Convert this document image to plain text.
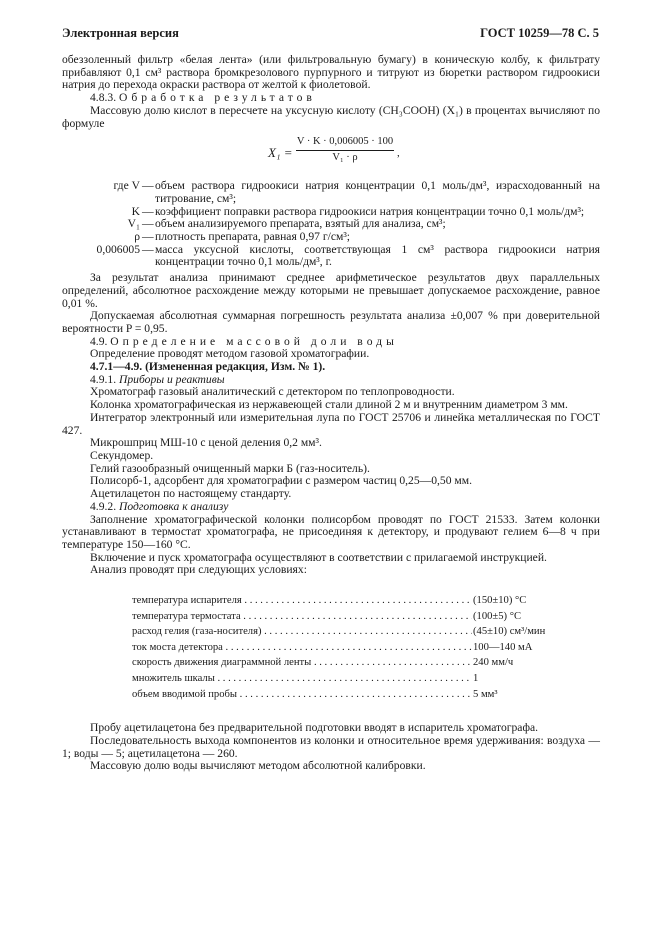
Электронная версия	ГОСТ 10259—78 С. 5

обеззоленный фильтр «белая лента» (или фильтровальную бумагу) в коническую колбу, к фильтрату прибавляют 0,1 см³ раствора бромкрезолового пурпурного и титруют из бюретки раствором гидроокиси натрия до перехода окраски раствора от желтой к фиолетовой.

4.8.3. Обработка результатов

Массовую долю кислот в пересчете на уксусную кислоту (CH₃COOH) (X₁) в процентах вычисляют по формуле

$X_1 = \frac{V \cdot K \cdot 0,006005 \cdot 100}{\text{V₁ · ρ}}$ ,
где V — объем раствора гидроокиси натрия концентрации 0,1 моль/дм³, израсходованный на титрование, см³;
K — коэффициент поправки раствора гидроокиси натрия концентрации точно 0,1 моль/дм³;
V₁ — объем анализируемого препарата, взятый для анализа, см³;
ρ — плотность препарата, равная 0,97 г/см³;
0,006005 — масса уксусной кислоты, соответствующая 1 см³ раствора гидроокиси натрия концентрации точно 0,1 моль/дм³, г.

За результат анализа принимают среднее арифметическое результатов двух параллельных определений, абсолютное расхождение между которыми не превышает допускаемое расхождение, равное 0,01 %.

Допускаемая абсолютная суммарная погрешность результата анализа ±0,007 % при доверительной вероятности P = 0,95.

4.9. Определение массовой доли воды

Определение проводят методом газовой хроматографии.

4.7.1—4.9. (Измененная редакция, Изм. № 1).

4.9.1. Приборы и реактивы

Хроматограф газовый аналитический с детектором по теплопроводности.

Колонка хроматографическая из нержавеющей стали длиной 2 м и внутренним диаметром 3 мм.

Интегратор электронный или измерительная лупа по ГОСТ 25706 и линейка металлическая по ГОСТ 427.

Микрошприц МШ-10 с ценой деления 0,2 мм³.

Секундомер.

Гелий газообразный очищенный марки Б (газ-носитель).

Полисорб-1, адсорбент для хроматографии с размером частиц 0,25—0,50 мм.

Ацетилацетон по настоящему стандарту.

4.9.2. Подготовка к анализу

Заполнение хроматографической колонки полисорбом проводят по ГОСТ 21533. Затем колонки устанавливают в термостат хроматографа, не присоединяя к детектору, и продувают гелием 6—8 ч при температуре 150—160 °С.

Включение и пуск хроматографа осуществляют в соответствии с прилагаемой инструкцией.

Анализ проводят при следующих условиях:

температура испарителя . . .	(150±10) °С
температура термостата . . .	(100±5) °С
расход гелия (газа-носителя) . . .	(45±10) см³/мин
ток моста детектора . . .	100—140 мА
скорость движения диаграммной ленты . . .	240 мм/ч
множитель шкалы . . .	1
объем вводимой пробы . . .	5 мм³

Пробу ацетилацетона без предварительной подготовки вводят в испаритель хроматографа.

Последовательность выхода компонентов из колонки и относительное время удерживания: воздуха — 1; воды — 5; ацетилацетона — 260.

Массовую долю воды вычисляют методом абсолютной калибровки.
